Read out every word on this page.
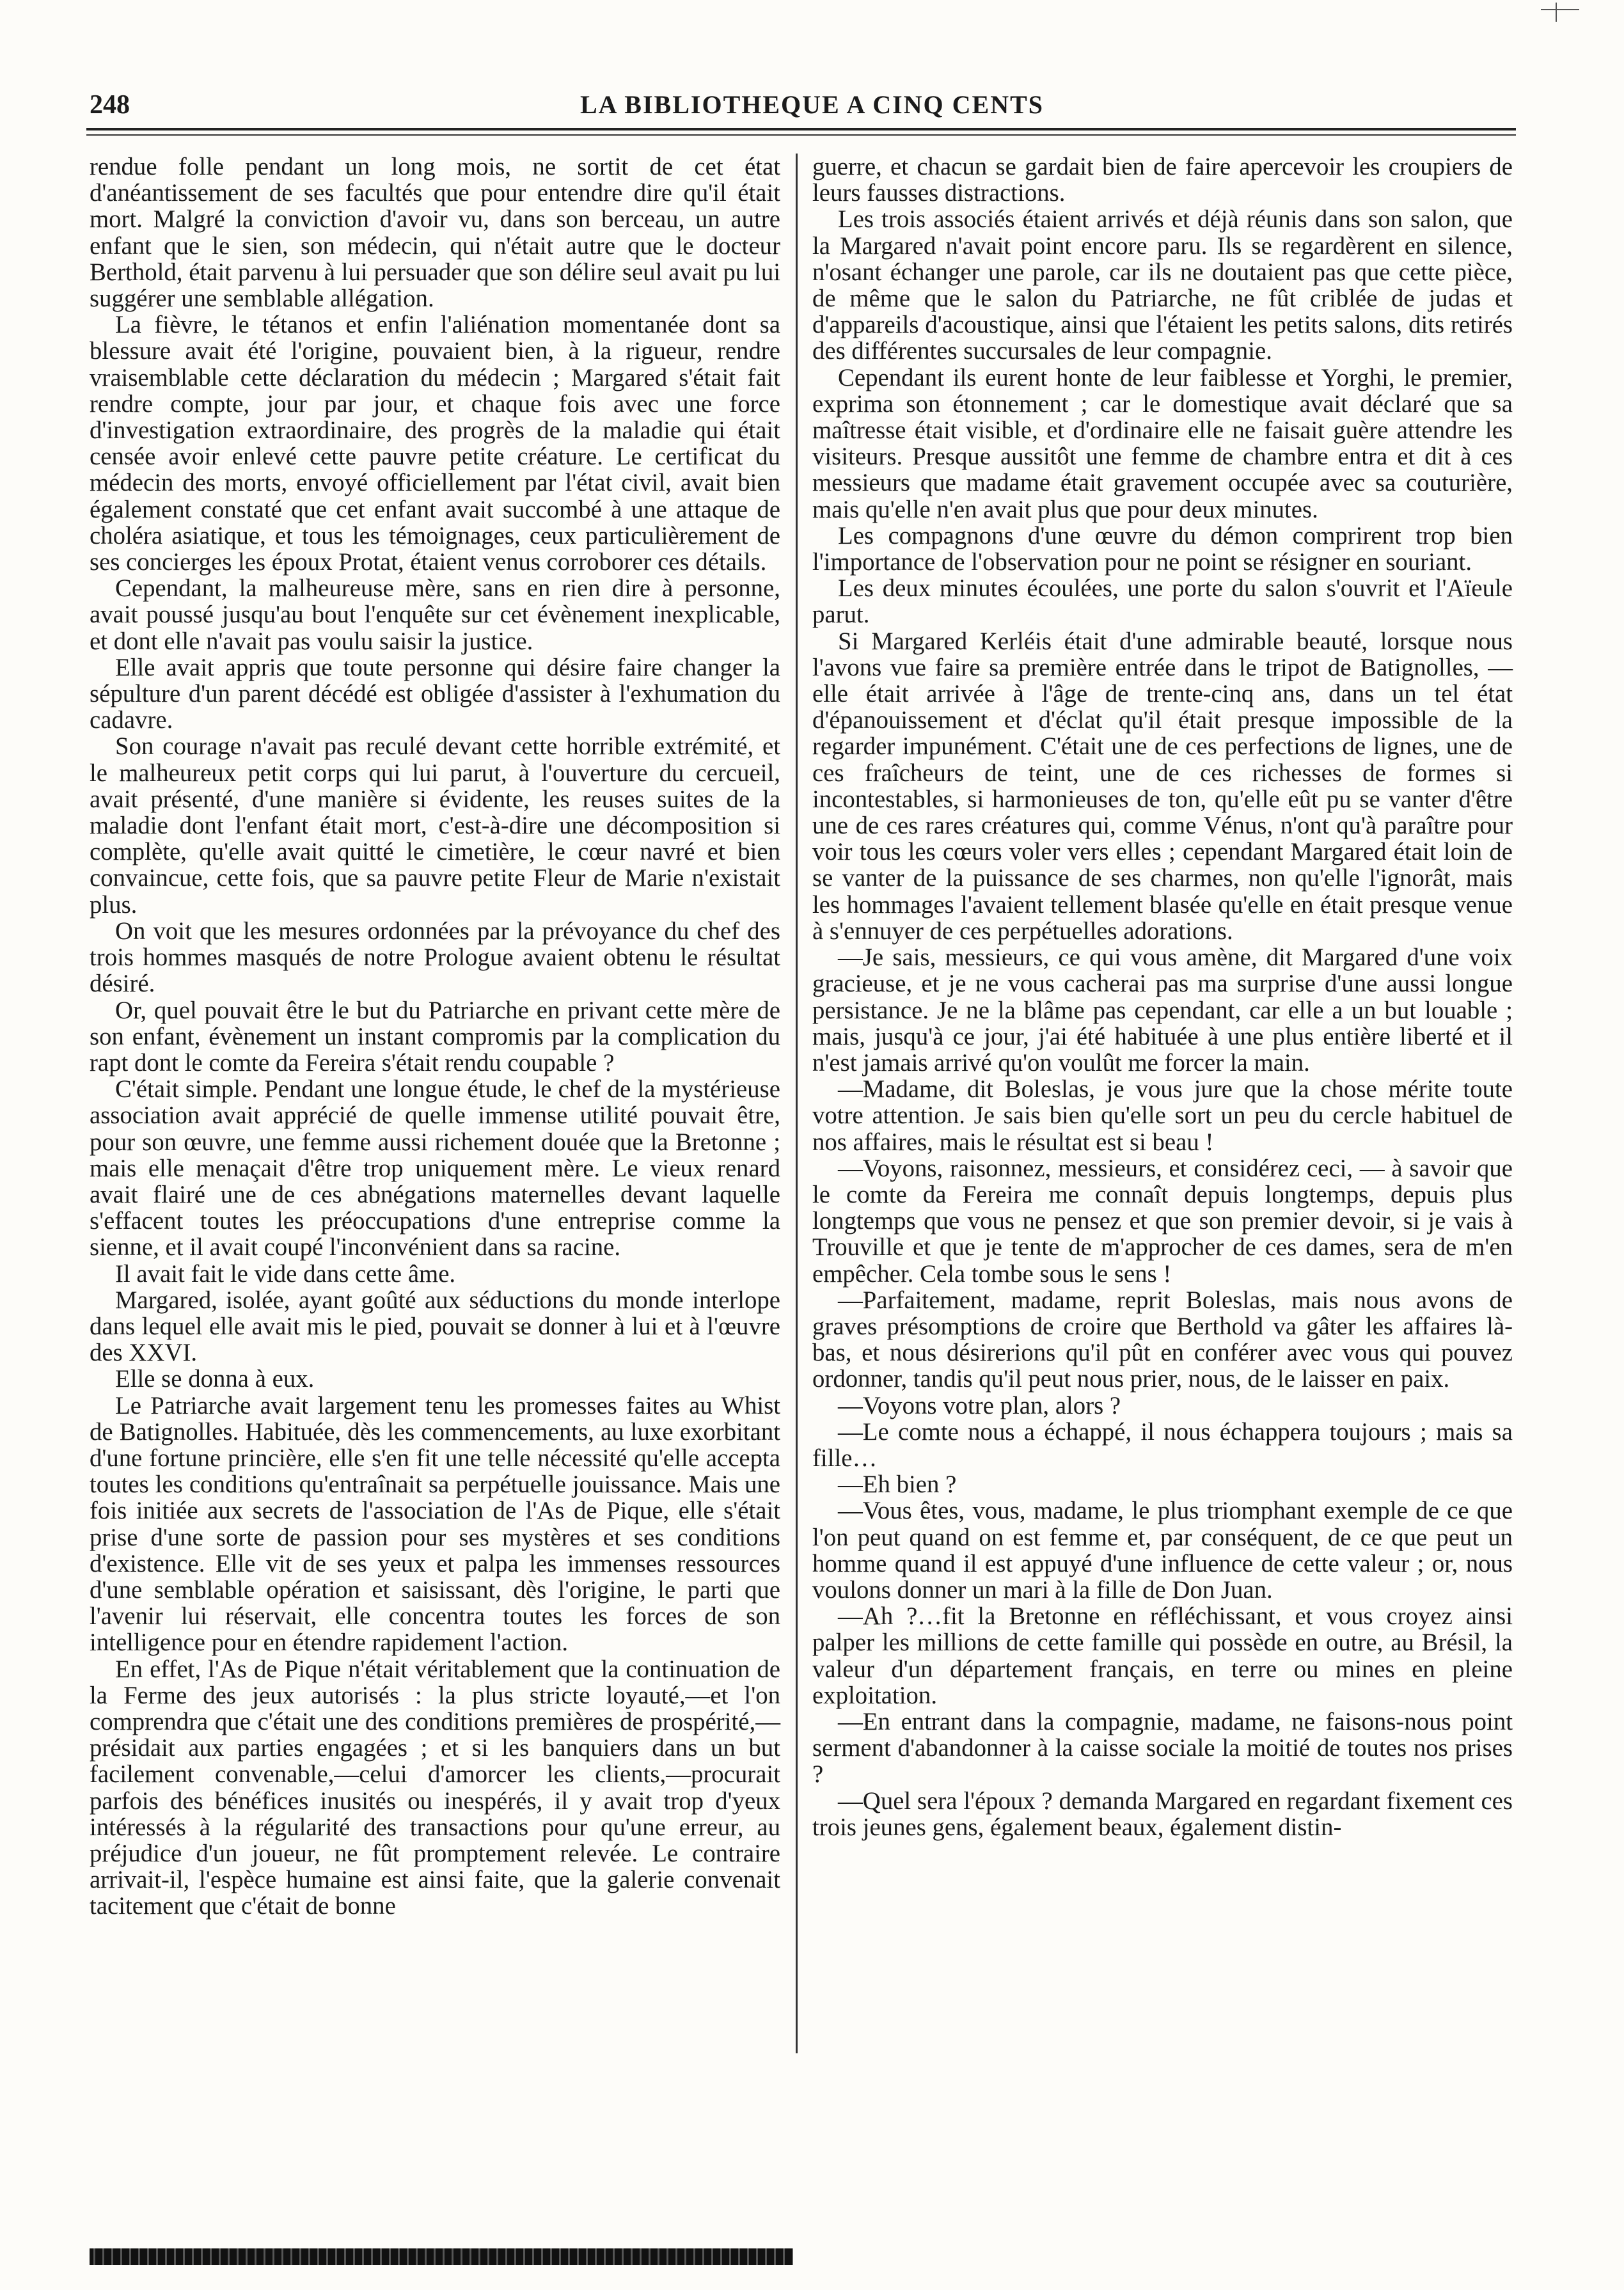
248	LA BIBLIOTHEQUE A CINQ CENTS

rendue folle pendant un long mois, ne sortit de cet état d'anéantissement de ses facultés que pour entendre dire qu'il était mort. Malgré la conviction d'avoir vu, dans son berceau, un autre enfant que le sien, son médecin, qui n'était autre que le docteur Berthold, était parvenu à lui persuader que son délire seul avait pu lui suggérer une semblable allégation.

La fièvre, le tétanos et enfin l'aliénation momentanée dont sa blessure avait été l'origine, pouvaient bien, à la rigueur, rendre vraisemblable cette déclaration du médecin ; Margared s'était fait rendre compte, jour par jour, et chaque fois avec une force d'investigation extraordinaire, des progrès de la maladie qui était censée avoir enlevé cette pauvre petite créature. Le certificat du médecin des morts, envoyé officiellement par l'état civil, avait bien également constaté que cet enfant avait succombé à une attaque de choléra asiatique, et tous les témoignages, ceux particulièrement de ses concierges les époux Protat, étaient venus corroborer ces détails.

Cependant, la malheureuse mère, sans en rien dire à personne, avait poussé jusqu'au bout l'enquête sur cet évènement inexplicable, et dont elle n'avait pas voulu saisir la justice.

Elle avait appris que toute personne qui désire faire changer la sépulture d'un parent décédé est obligée d'assister à l'exhumation du cadavre.

Son courage n'avait pas reculé devant cette horrible extrémité, et le malheureux petit corps qui lui parut, à l'ouverture du cercueil, avait présenté, d'une manière si évidente, les reuses suites de la maladie dont l'enfant était mort, c'est-à-dire une décomposition si complète, qu'elle avait quitté le cimetière, le cœur navré et bien convaincue, cette fois, que sa pauvre petite Fleur de Marie n'existait plus.

On voit que les mesures ordonnées par la prévoyance du chef des trois hommes masqués de notre Prologue avaient obtenu le résultat désiré.

Or, quel pouvait être le but du Patriarche en privant cette mère de son enfant, évènement un instant compromis par la complication du rapt dont le comte da Fereira s'était rendu coupable ?

C'était simple. Pendant une longue étude, le chef de la mystérieuse association avait apprécié de quelle immense utilité pouvait être, pour son œuvre, une femme aussi richement douée que la Bretonne ; mais elle menaçait d'être trop uniquement mère. Le vieux renard avait flairé une de ces abnégations maternelles devant laquelle s'effacent toutes les préoccupations d'une entreprise comme la sienne, et il avait coupé l'inconvénient dans sa racine.

Il avait fait le vide dans cette âme.

Margared, isolée, ayant goûté aux séductions du monde interlope dans lequel elle avait mis le pied, pouvait se donner à lui et à l'œuvre des XXVI.

Elle se donna à eux.

Le Patriarche avait largement tenu les promesses faites au Whist de Batignolles. Habituée, dès les commencements, au luxe exorbitant d'une fortune princière, elle s'en fit une telle nécessité qu'elle accepta toutes les conditions qu'entraînait sa perpétuelle jouissance. Mais une fois initiée aux secrets de l'association de l'As de Pique, elle s'était prise d'une sorte de passion pour ses mystères et ses conditions d'existence. Elle vit de ses yeux et palpa les immenses ressources d'une semblable opération et saisissant, dès l'origine, le parti que l'avenir lui réservait, elle concentra toutes les forces de son intelligence pour en étendre rapidement l'action.

En effet, l'As de Pique n'était véritablement que la continuation de la Ferme des jeux autorisés : la plus stricte loyauté,—et l'on comprendra que c'était une des conditions premières de prospérité,—présidait aux parties engagées ; et si les banquiers dans un but facilement convenable,—celui d'amorcer les clients,—procurait parfois des bénéfices inusités ou inespérés, il y avait trop d'yeux intéressés à la régularité des transactions pour qu'une erreur, au préjudice d'un joueur, ne fût promptement relevée. Le contraire arrivait-il, l'espèce humaine est ainsi faite, que la galerie convenait tacitement que c'était de bonne

guerre, et chacun se gardait bien de faire apercevoir les croupiers de leurs fausses distractions.

Les trois associés étaient arrivés et déjà réunis dans son salon, que la Margared n'avait point encore paru. Ils se regardèrent en silence, n'osant échanger une parole, car ils ne doutaient pas que cette pièce, de même que le salon du Patriarche, ne fût criblée de judas et d'appareils d'acoustique, ainsi que l'étaient les petits salons, dits retirés des différentes succursales de leur compagnie.

Cependant ils eurent honte de leur faiblesse et Yorghi, le premier, exprima son étonnement ; car le domestique avait déclaré que sa maîtresse était visible, et d'ordinaire elle ne faisait guère attendre les visiteurs. Presque aussitôt une femme de chambre entra et dit à ces messieurs que madame était gravement occupée avec sa couturière, mais qu'elle n'en avait plus que pour deux minutes.

Les compagnons d'une œuvre du démon comprirent trop bien l'importance de l'observation pour ne point se résigner en souriant.

Les deux minutes écoulées, une porte du salon s'ouvrit et l'Aïeule parut.

Si Margared Kerléis était d'une admirable beauté, lorsque nous l'avons vue faire sa première entrée dans le tripot de Batignolles, — elle était arrivée à l'âge de trente-cinq ans, dans un tel état d'épanouissement et d'éclat qu'il était presque impossible de la regarder impunément. C'était une de ces perfections de lignes, une de ces fraîcheurs de teint, une de ces richesses de formes si incontestables, si harmonieuses de ton, qu'elle eût pu se vanter d'être une de ces rares créatures qui, comme Vénus, n'ont qu'à paraître pour voir tous les cœurs voler vers elles ; cependant Margared était loin de se vanter de la puissance de ses charmes, non qu'elle l'ignorât, mais les hommages l'avaient tellement blasée qu'elle en était presque venue à s'ennuyer de ces perpétuelles adorations.

—Je sais, messieurs, ce qui vous amène, dit Margared d'une voix gracieuse, et je ne vous cacherai pas ma surprise d'une aussi longue persistance. Je ne la blâme pas cependant, car elle a un but louable ; mais, jusqu'à ce jour, j'ai été habituée à une plus entière liberté et il n'est jamais arrivé qu'on voulût me forcer la main.

—Madame, dit Boleslas, je vous jure que la chose mérite toute votre attention. Je sais bien qu'elle sort un peu du cercle habituel de nos affaires, mais le résultat est si beau !

—Voyons, raisonnez, messieurs, et considérez ceci, — à savoir que le comte da Fereira me connaît depuis longtemps, depuis plus longtemps que vous ne pensez et que son premier devoir, si je vais à Trouville et que je tente de m'approcher de ces dames, sera de m'en empêcher. Cela tombe sous le sens !

—Parfaitement, madame, reprit Boleslas, mais nous avons de graves présomptions de croire que Berthold va gâter les affaires là-bas, et nous désirerions qu'il pût en conférer avec vous qui pouvez ordonner, tandis qu'il peut nous prier, nous, de le laisser en paix.

—Voyons votre plan, alors ?

—Le comte nous a échappé, il nous échappera toujours ; mais sa fille…

—Eh bien ?

—Vous êtes, vous, madame, le plus triomphant exemple de ce que l'on peut quand on est femme et, par conséquent, de ce que peut un homme quand il est appuyé d'une influence de cette valeur ; or, nous voulons donner un mari à la fille de Don Juan.

—Ah ?…fit la Bretonne en réfléchissant, et vous croyez ainsi palper les millions de cette famille qui possède en outre, au Brésil, la valeur d'un département français, en terre ou mines en pleine exploitation.

—En entrant dans la compagnie, madame, ne faisons-nous point serment d'abandonner à la caisse sociale la moitié de toutes nos prises ?

—Quel sera l'époux ? demanda Margared en regardant fixement ces trois jeunes gens, également beaux, également distin-
